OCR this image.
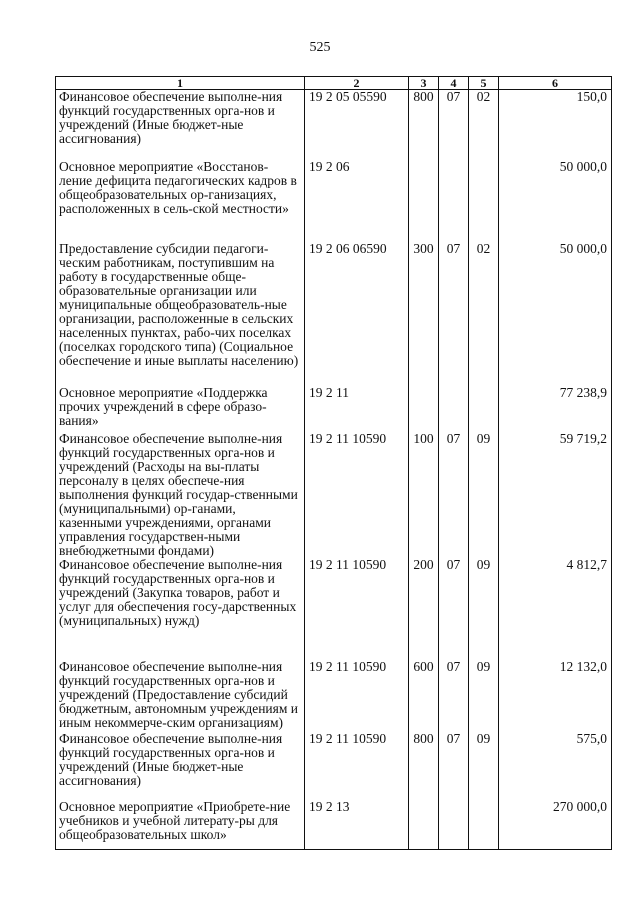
525
1	2	3	4	5	6
Финансовое обеспечение выполне-ния функций государственных орга-нов и учреждений (Иные бюджет-ные ассигнования)	19 2 05 05590	800	07	02	150,0
Основное мероприятие «Восстанов-ление дефицита педагогических кадров в общеобразовательных ор-ганизациях, расположенных в сель-ской местности»	19 2 06				50 000,0
Предоставление субсидии педагоги-ческим работникам, поступившим на работу в государственные обще-образовательные организации или муниципальные общеобразователь-ные организации, расположенные в сельских населенных пунктах, рабо-чих поселках (поселках городского типа) (Социальное обеспечение и иные выплаты населению)	19 2 06 06590	300	07	02	50 000,0
Основное мероприятие «Поддержка прочих учреждений в сфере образо-вания»	19 2 11				77 238,9
Финансовое обеспечение выполне-ния функций государственных орга-нов и учреждений (Расходы на вы-платы персоналу в целях обеспече-ния выполнения функций государ-ственными (муниципальными) ор-ганами, казенными учреждениями, органами управления государствен-ными внебюджетными фондами)	19 2 11 10590	100	07	09	59 719,2
Финансовое обеспечение выполне-ния функций государственных орга-нов и учреждений (Закупка товаров, работ и услуг для обеспечения госу-дарственных (муниципальных) нужд)	19 2 11 10590	200	07	09	4 812,7
Финансовое обеспечение выполне-ния функций государственных орга-нов и учреждений (Предоставление субсидий бюджетным, автономным учреждениям и иным некоммерче-ским организациям)	19 2 11 10590	600	07	09	12 132,0
Финансовое обеспечение выполне-ния функций государственных орга-нов и учреждений (Иные бюджет-ные ассигнования)	19 2 11 10590	800	07	09	575,0
Основное мероприятие «Приобрете-ние учебников и учебной литерату-ры для общеобразовательных школ»	19 2 13				270 000,0
